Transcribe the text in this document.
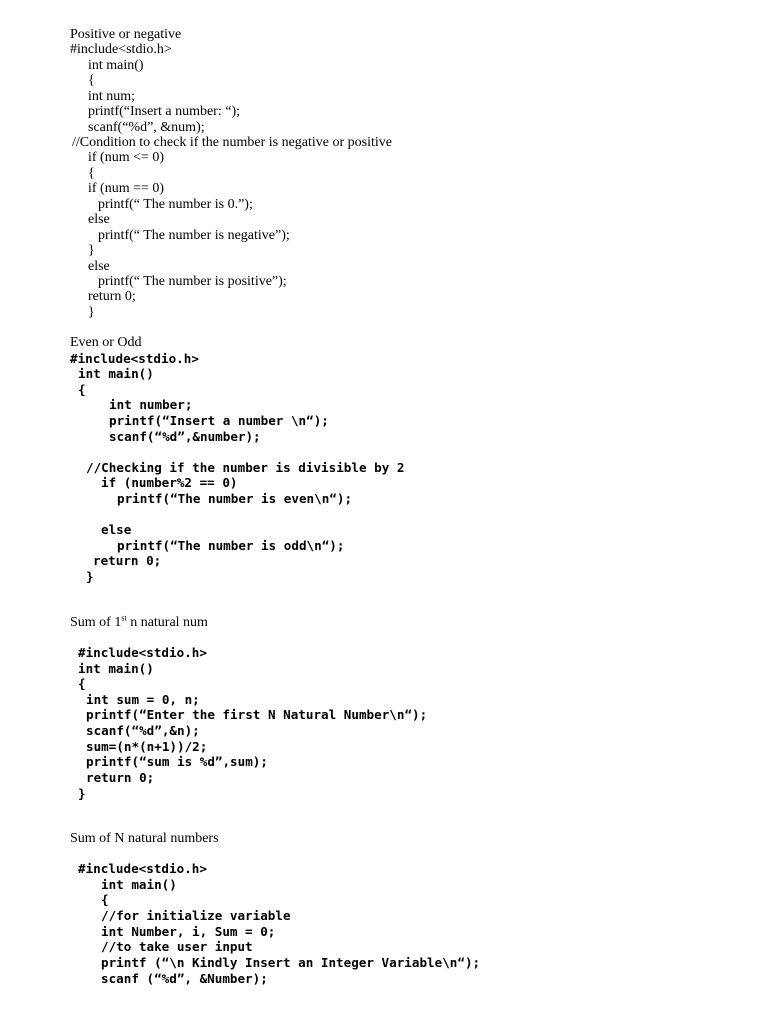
Positive or negative
#include<stdio.h>
int main()
{
int num;
printf(“Insert a number: “);
scanf(“%d”, &num);
//Condition to check if the number is negative or positive
if (num <= 0)
{
if (num == 0)
printf(“ The number is 0.”);
else
printf(“ The number is negative”);
}
else
printf(“ The number is positive”);
return 0;
}
Even or Odd
#include<stdio.h>
int main()
{
int number;
printf(“Insert a number \n“);
scanf(“%d”,&number);
//Checking if the number is divisible by 2
if (number%2 == 0)
printf(“The number is even\n“);
else
printf(“The number is odd\n“);
return 0;
}
Sum of 1st n natural num
#include<stdio.h>
int main()
{
int sum = 0, n;
printf(“Enter the first N Natural Number\n“);
scanf(“%d”,&n);
sum=(n*(n+1))/2;
printf(“sum is %d”,sum);
return 0;
}
Sum of N natural numbers
#include<stdio.h>
int main()
{
//for initialize variable
int Number, i, Sum = 0;
//to take user input
printf (“\n Kindly Insert an Integer Variable\n“);
scanf (“%d”, &Number);
